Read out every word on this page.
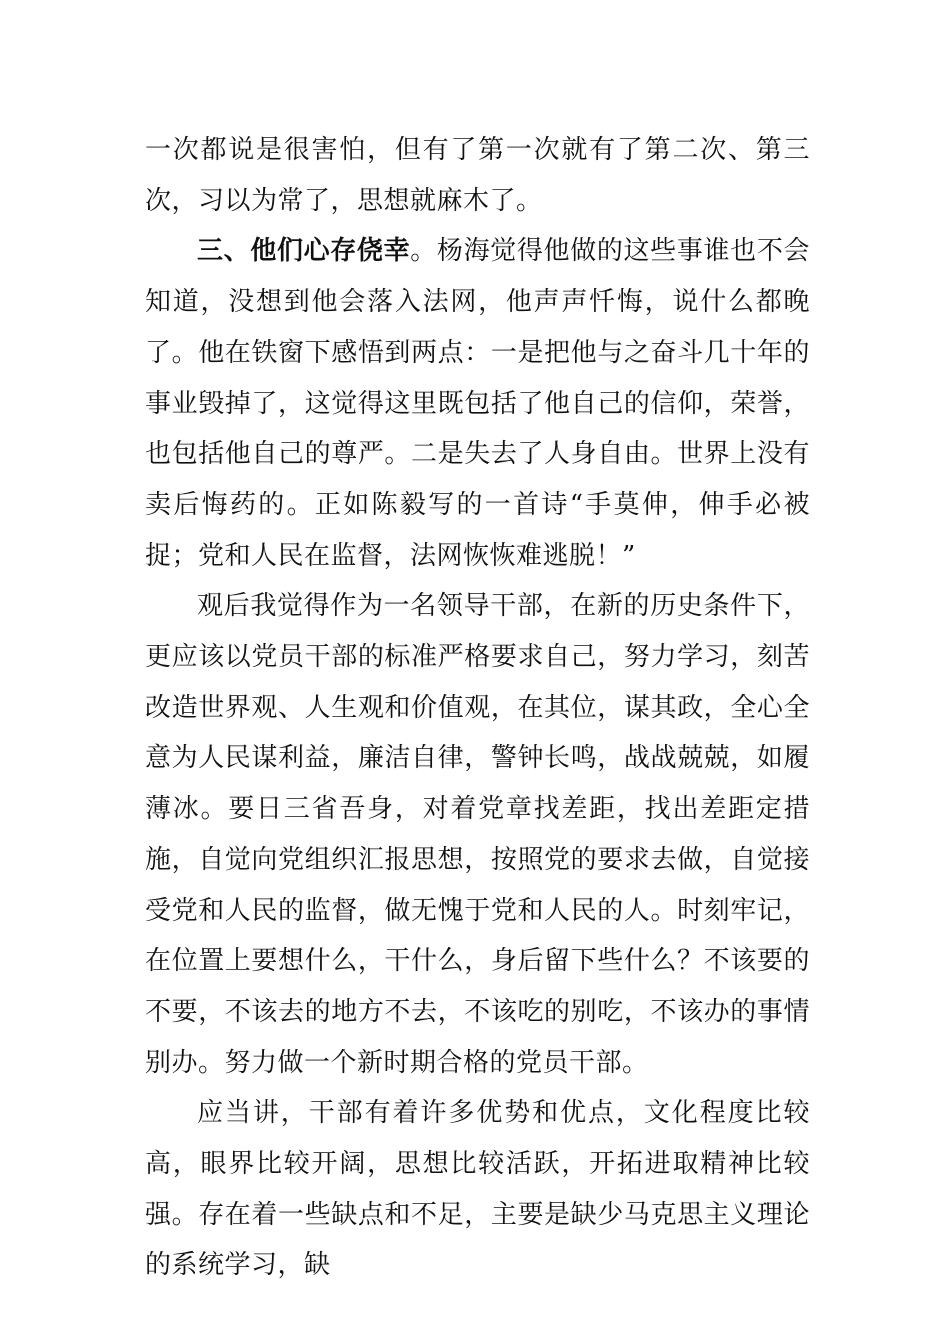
一次都说是很害怕，但有了第一次就有了第二次、第三次，习以为常了，思想就麻木了。

三、他们心存侥幸。杨海觉得他做的这些事谁也不会知道，没想到他会落入法网，他声声忏悔，说什么都晚了。他在铁窗下感悟到两点：一是把他与之奋斗几十年的事业毁掉了，这觉得这里既包括了他自己的信仰，荣誉，也包括他自己的尊严。二是失去了人身自由。世界上没有卖后悔药的。正如陈毅写的一首诗“手莫伸，伸手必被捉；党和人民在监督，法网恢恢难逃脱！”

观后我觉得作为一名领导干部，在新的历史条件下，更应该以党员干部的标准严格要求自己，努力学习，刻苦改造世界观、人生观和价值观，在其位，谋其政，全心全意为人民谋利益，廉洁自律，警钟长鸣，战战兢兢，如履薄冰。要日三省吾身，对着党章找差距，找出差距定措施，自觉向党组织汇报思想，按照党的要求去做，自觉接受党和人民的监督，做无愧于党和人民的人。时刻牢记，在位置上要想什么，干什么，身后留下些什么？不该要的不要，不该去的地方不去，不该吃的别吃，不该办的事情别办。努力做一个新时期合格的党员干部。

应当讲，干部有着许多优势和优点，文化程度比较高，眼界比较开阔，思想比较活跃，开拓进取精神比较强。存在着一些缺点和不足，主要是缺少马克思主义理论的系统学习，缺
